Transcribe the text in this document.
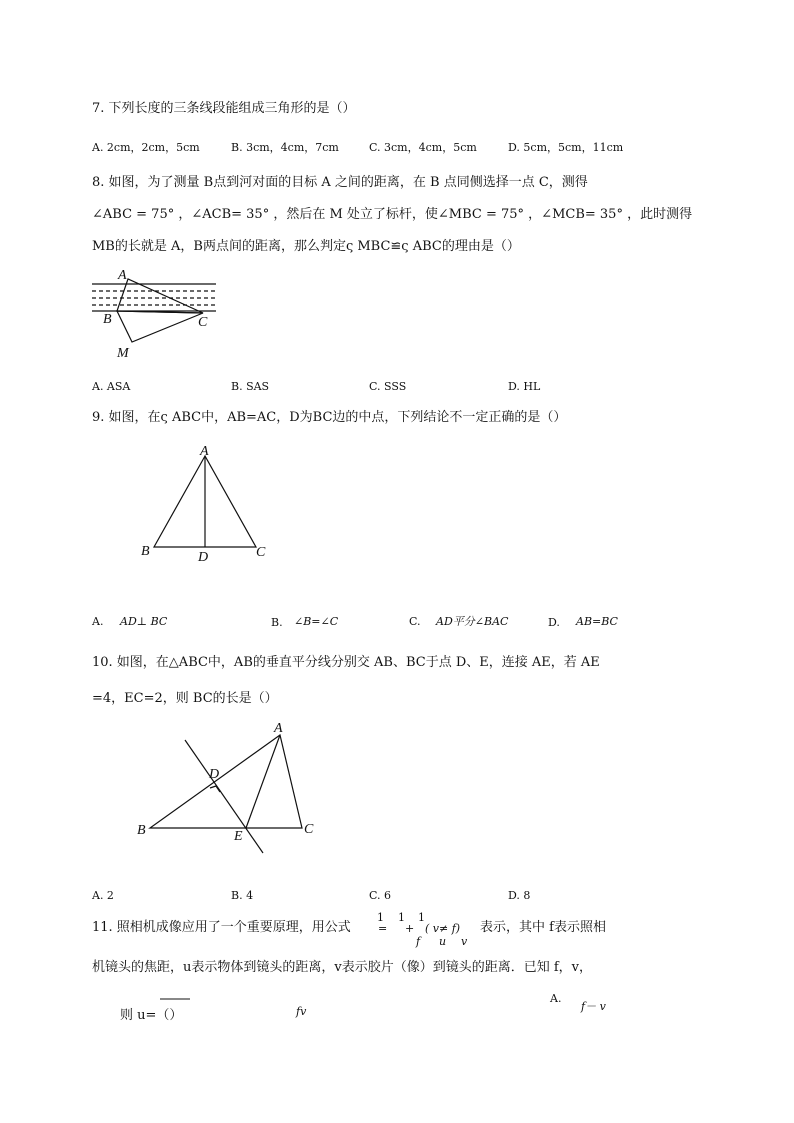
7. 下列长度的三条线段能组成三角形的是（）
A. 2cm，2cm，5cm	B. 3cm，4cm，7cm	C. 3cm，4cm，5cm	D. 5cm，5cm，11cm
8. 如图，为了测量 B点到河对面的目标 A 之间的距离，在 B 点同侧选择一点 C，测得
∠ABC = 75° ，∠ACB= 35° ，然后在 M 处立了标杆，使∠MBC = 75° ，∠MCB= 35° ，此时测得
MB的长就是 A，B两点间的距离，那么判定ς MBC≌ς ABC的理由是（）
A
B	C
M
A
B	D	C
A
D
B	E	C
A. ASA	B. SAS	C. SSS	D. HL
9. 如图，在ς ABC中，AB=AC，D为BC边的中点，下列结论不一定正确的是（）
A. AD⊥ BC	B. ∠B=∠C	C. AD平分∠BAC	D. AB=BC
10. 如图，在△ABC中，AB的垂直平分线分别交 AB、BC于点 D、E，连接 AE，若 AE
=4，EC=2，则 BC的长是（）
A. 2	B. 4	C. 6	D. 8
11. 照相机成像应用了一个重要原理，用公式
1
=
1
+
1
( v≠ f)
f u v
表示，其中 f表示照相
机镜头的焦距，u表示物体到镜头的距离，v表示胶片（像）到镜头的距离．已知 f，v，
A.
f－ v
fv
则 u=（）
